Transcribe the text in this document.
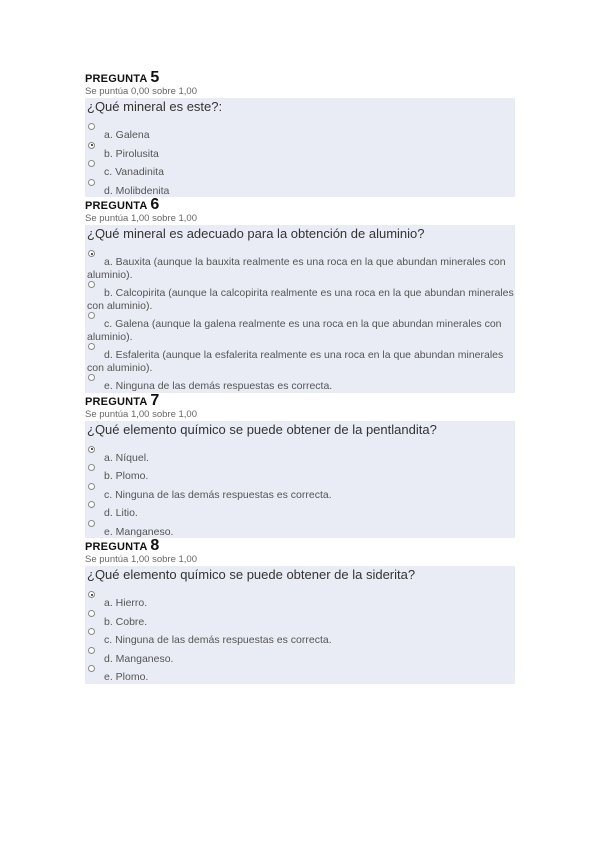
PREGUNTA 5
Se puntúa 0,00 sobre 1,00
¿Qué mineral es este?:
a. Galena
b. Pirolusita
c. Vanadinita
d. Molibdenita
PREGUNTA 6
Se puntúa 1,00 sobre 1,00
¿Qué mineral es adecuado para la obtención de aluminio?
a. Bauxita (aunque la bauxita realmente es una roca en la que abundan minerales con aluminio).
b. Calcopirita (aunque la calcopirita realmente es una roca en la que abundan minerales con aluminio).
c. Galena (aunque la galena realmente es una roca en la que abundan minerales con aluminio).
d. Esfalerita (aunque la esfalerita realmente es una roca en la que abundan minerales con aluminio).
e. Ninguna de las demás respuestas es correcta.
PREGUNTA 7
Se puntúa 1,00 sobre 1,00
¿Qué elemento químico se puede obtener de la pentlandita?
a. Níquel.
b. Plomo.
c. Ninguna de las demás respuestas es correcta.
d. Litio.
e. Manganeso.
PREGUNTA 8
Se puntúa 1,00 sobre 1,00
¿Qué elemento químico se puede obtener de la siderita?
a. Hierro.
b. Cobre.
c. Ninguna de las demás respuestas es correcta.
d. Manganeso.
e. Plomo.
